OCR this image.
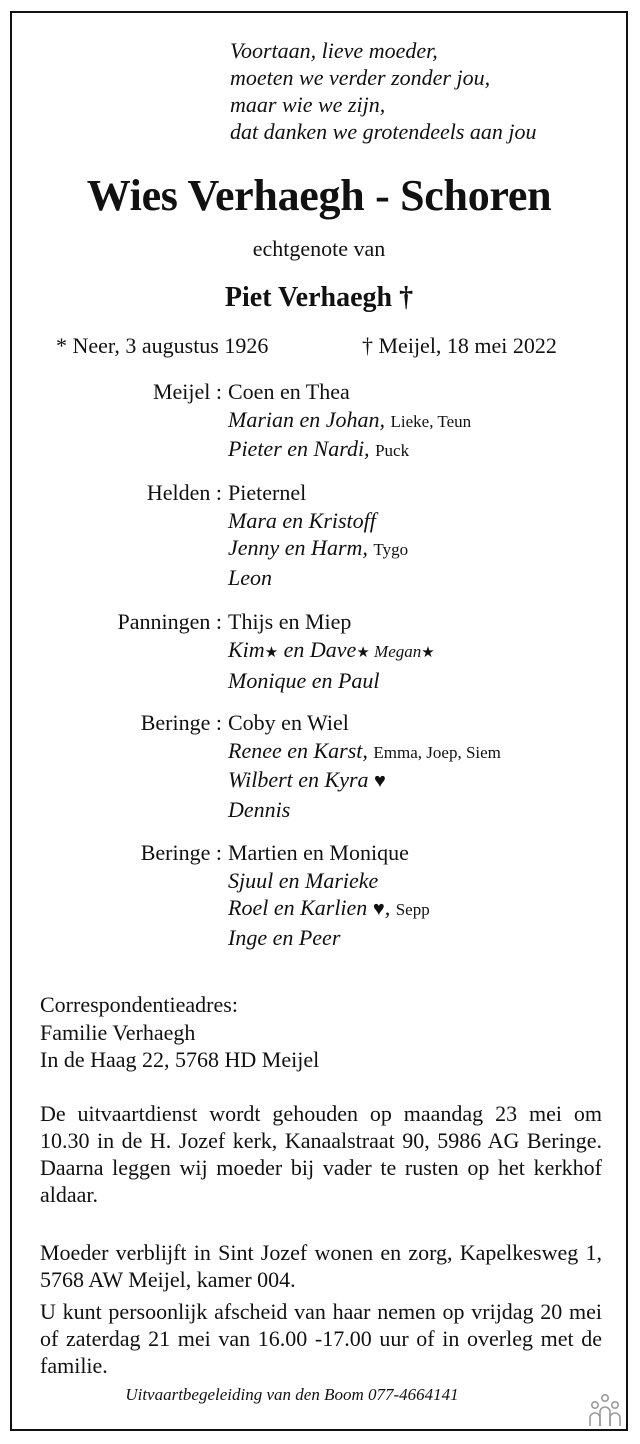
Voortaan, lieve moeder,
moeten we verder zonder jou,
maar wie we zijn,
dat danken we grotendeels aan jou
Wies Verhaegh - Schoren
echtgenote van
Piet Verhaegh †
* Neer, 3 augustus 1926	† Meijel, 18 mei 2022
Meijel : Coen en Thea
Marian en Johan, Lieke, Teun
Pieter en Nardi, Puck
Helden : Pieternel
Mara en Kristoff
Jenny en Harm, Tygo
Leon
Panningen : Thijs en Miep
Kim★ en Dave★ Megan★
Monique en Paul
Beringe : Coby en Wiel
Renee en Karst, Emma, Joep, Siem
Wilbert en Kyra ♥
Dennis
Beringe : Martien en Monique
Sjuul en Marieke
Roel en Karlien ♥, Sepp
Inge en Peer
Correspondentieadres:
Familie Verhaegh
In de Haag 22, 5768 HD Meijel
De uitvaartdienst wordt gehouden op maandag 23 mei om 10.30 in de H. Jozef kerk, Kanaalstraat 90, 5986 AG Beringe. Daarna leggen wij moeder bij vader te rusten op het kerkhof aldaar.
Moeder verblijft in Sint Jozef wonen en zorg, Kapelkesweg 1, 5768 AW Meijel, kamer 004.
U kunt persoonlijk afscheid van haar nemen op vrijdag 20 mei of zaterdag 21 mei van 16.00 -17.00 uur of in overleg met de familie.
Uitvaartbegeleiding van den Boom 077-4664141
